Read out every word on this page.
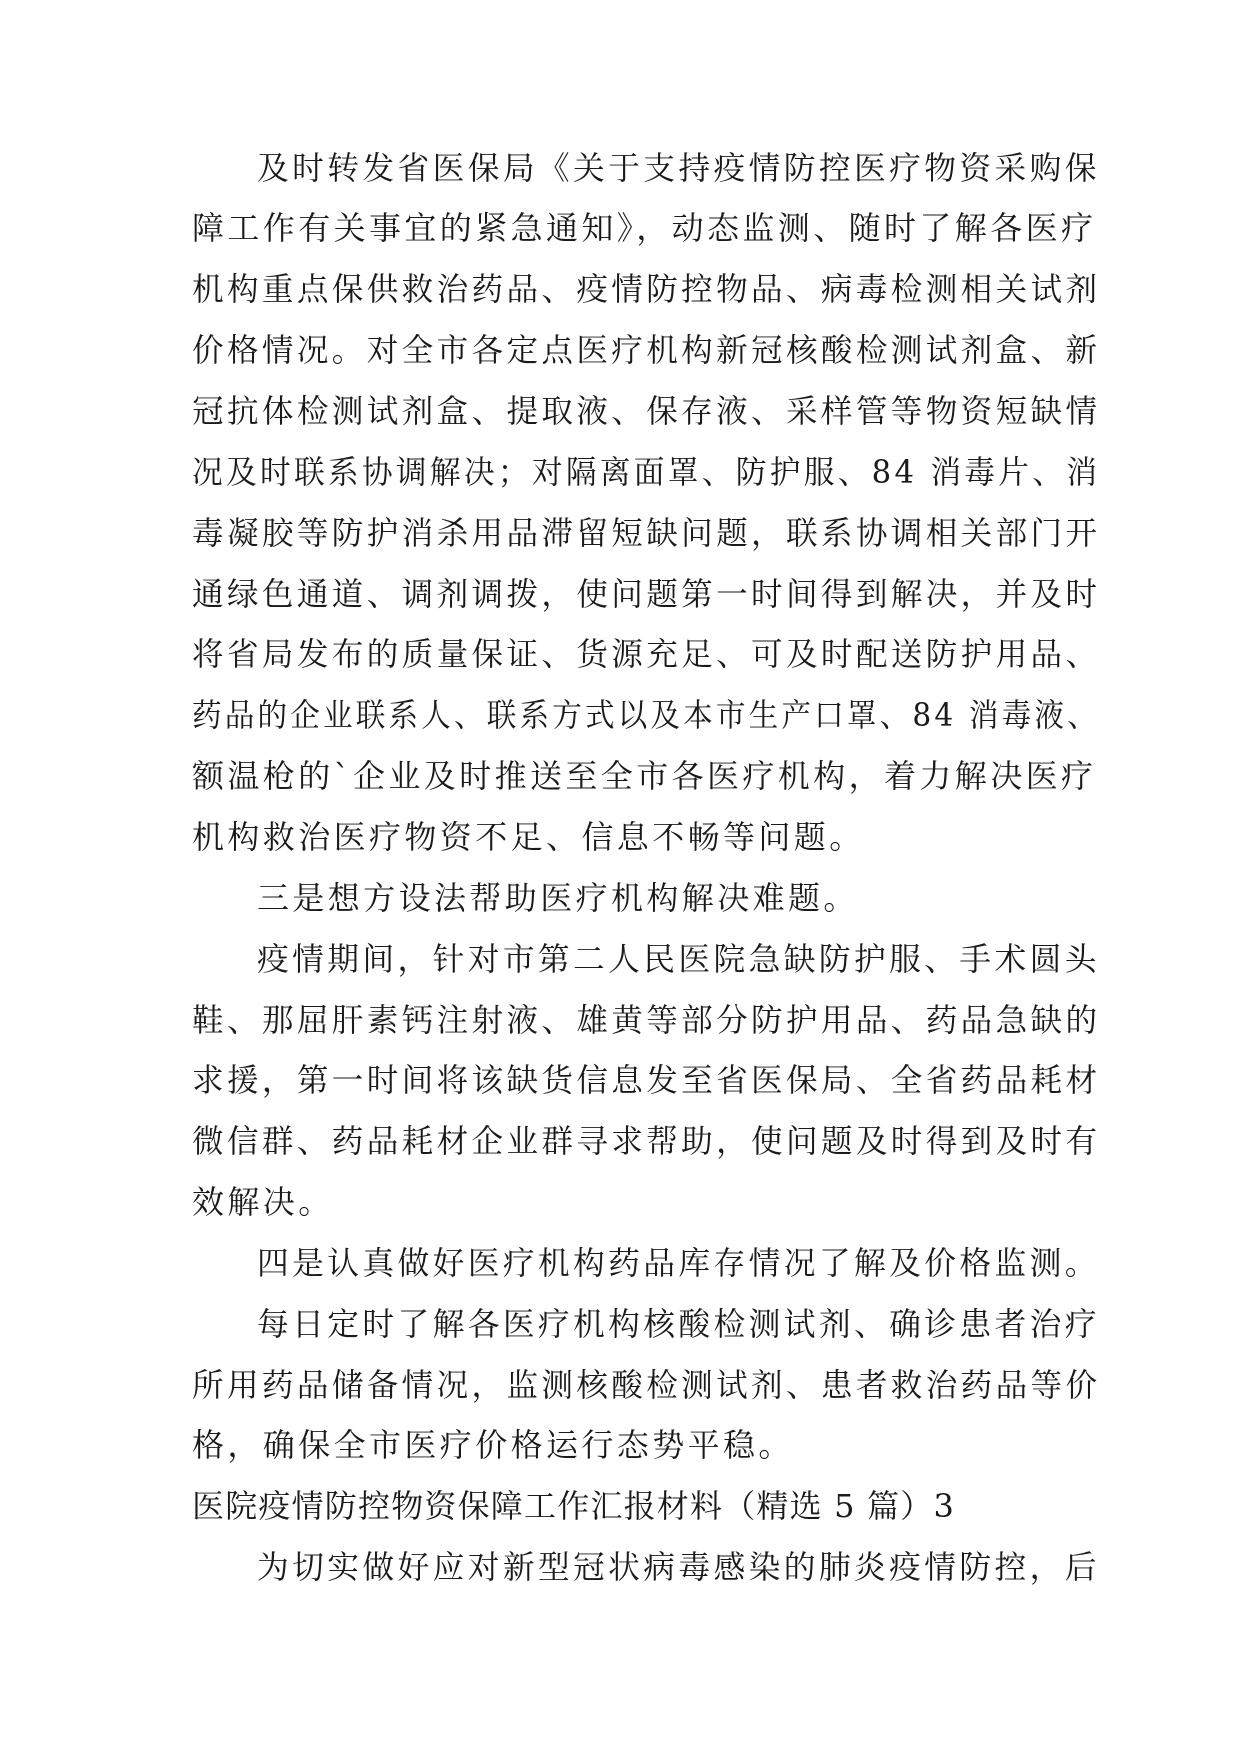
及时转发省医保局《关于支持疫情防控医疗物资采购保
障工作有关事宜的紧急通知》，动态监测、随时了解各医疗
机构重点保供救治药品、疫情防控物品、病毒检测相关试剂
价格情况。对全市各定点医疗机构新冠核酸检测试剂盒、新
冠抗体检测试剂盒、提取液、保存液、采样管等物资短缺情
况及时联系协调解决；对隔离面罩、防护服、84 消毒片、消
毒凝胶等防护消杀用品滞留短缺问题，联系协调相关部门开
通绿色通道、调剂调拨，使问题第一时间得到解决，并及时
将省局发布的质量保证、货源充足、可及时配送防护用品、
药品的企业联系人、联系方式以及本市生产口罩、84 消毒液、
额温枪的`企业及时推送至全市各医疗机构，着力解决医疗
机构救治医疗物资不足、信息不畅等问题。
三是想方设法帮助医疗机构解决难题。
疫情期间，针对市第二人民医院急缺防护服、手术圆头
鞋、那屈肝素钙注射液、雄黄等部分防护用品、药品急缺的
求援，第一时间将该缺货信息发至省医保局、全省药品耗材
微信群、药品耗材企业群寻求帮助，使问题及时得到及时有
效解决。
四是认真做好医疗机构药品库存情况了解及价格监测。
每日定时了解各医疗机构核酸检测试剂、确诊患者治疗
所用药品储备情况，监测核酸检测试剂、患者救治药品等价
格，确保全市医疗价格运行态势平稳。
医院疫情防控物资保障工作汇报材料（精选 5 篇）3
为切实做好应对新型冠状病毒感染的肺炎疫情防控，后
